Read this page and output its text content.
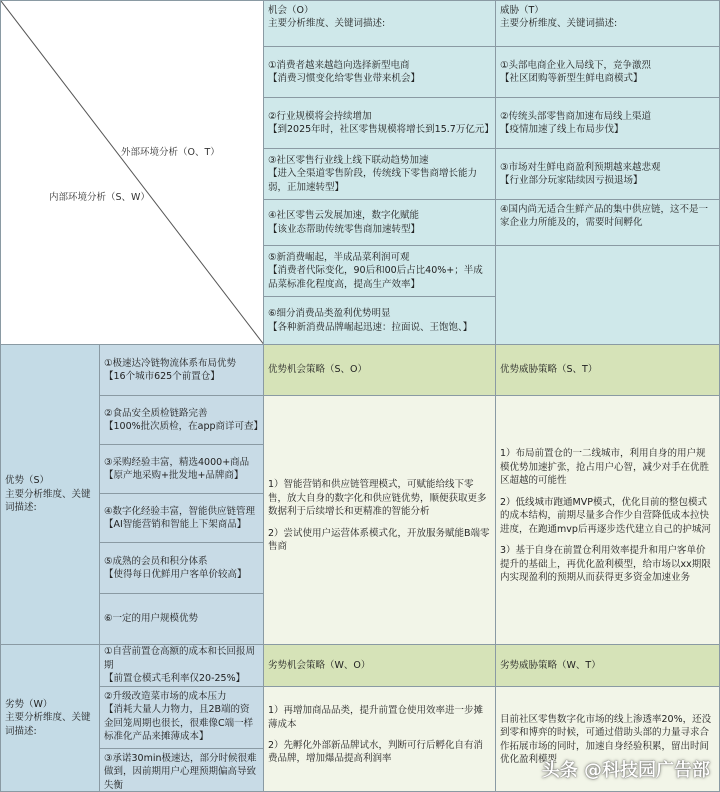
外部环境分析（O、T）
内部环境分析（S、W）
机会（O）
主要分析维度、关键词描述:
威胁（T）
主要分析维度、关键词描述:
①消费者越来越趋向选择新型电商
【消费习惯变化给零售业带来机会】
②行业规模将会持续增加
【到2025年时，社区零售规模将增长到15.7万亿元】
③社区零售行业线上线下联动趋势加速
【进入全渠道零售阶段，传统线下零售商增长能力弱，正加速转型】
④社区零售云发展加速，数字化赋能
【该业态帮助传统零售商加速转型】
⑤新消费崛起，半成品菜利润可观
【消费者代际变化，90后和00后占比40%+；半成品菜标准化程度高，提高生产效率】
⑥细分消费品类盈利优势明显
【各种新消费品牌崛起迅速：拉面说、王饱饱、】
①头部电商企业入局线下，竞争激烈
【社区团购等新型生鲜电商模式】
②传统头部零售商加速布局线上渠道
【疫情加速了线上布局步伐】
③市场对生鲜电商盈利预期越来越悲观
【行业部分玩家陆续因亏损退场】
④国内尚无适合生鲜产品的集中供应链，这不是一家企业力所能及的，需要时间孵化
优势（S）
主要分析维度、关键词描述:
①极速达冷链物流体系布局优势
【16个城市625个前置仓】
②食品安全质检链路完善
【100%批次质检，在app商详可查】
③采购经验丰富，精选4000+商品
【原产地采购+批发地+品牌商】
④数字化经验丰富，智能供应链管理
【AI智能营销和智能上下架商品】
⑤成熟的会员和积分体系
【使得每日优鲜用户客单价较高】
⑥一定的用户规模优势
优势机会策略（S、O）	优势威胁策略（S、T）
1）智能营销和供应链管理模式，可赋能给线下零售，放大自身的数字化和供应链优势，顺便获取更多数据利于后续增长和更精准的智能分析
2）尝试使用户运营体系模式化，开放服务赋能B端零售商
1）布局前置仓的一二线城市，利用自身的用户规模优势加速扩张，抢占用户心智，减少对手在优胜区超越的可能性
2）低线城市跑通MVP模式，优化目前的整包模式的成本结构，前期尽量多合作少自营降低成本拉快进度，在跑通mvp后再逐步迭代建立自己的护城河
3）基于自身在前置仓利用效率提升和用户客单价提升的基础上，再优化盈利模型，给市场以xx期限内实现盈利的预期从而获得更多资金加速业务
劣势（W）
主要分析维度、关键词描述:
①自营前置仓高额的成本和长回报周期
【前置仓模式毛利率仅20-25%】
②升级改造菜市场的成本压力
【消耗大量人力物力，且2B端的资金回笼周期也很长，很难像C端一样标准化产品来摊薄成本】
③承诺30min极速达，部分时候很难做到，因前期用户心理预期偏高导致失衡
劣势机会策略（W、O）	劣势威胁策略（W、T）
1）再增加商品品类，提升前置仓使用效率进一步摊薄成本
2）先孵化外部新品牌试水，判断可行后孵化自有消费品牌，增加爆品提高利润率
目前社区零售数字化市场的线上渗透率20%，还没到零和博弈的时候，可通过借助头部的力量寻求合作拓展市场的同时，加速自身经验积累，留出时间优化盈利模型
头条 @科技园广告部
